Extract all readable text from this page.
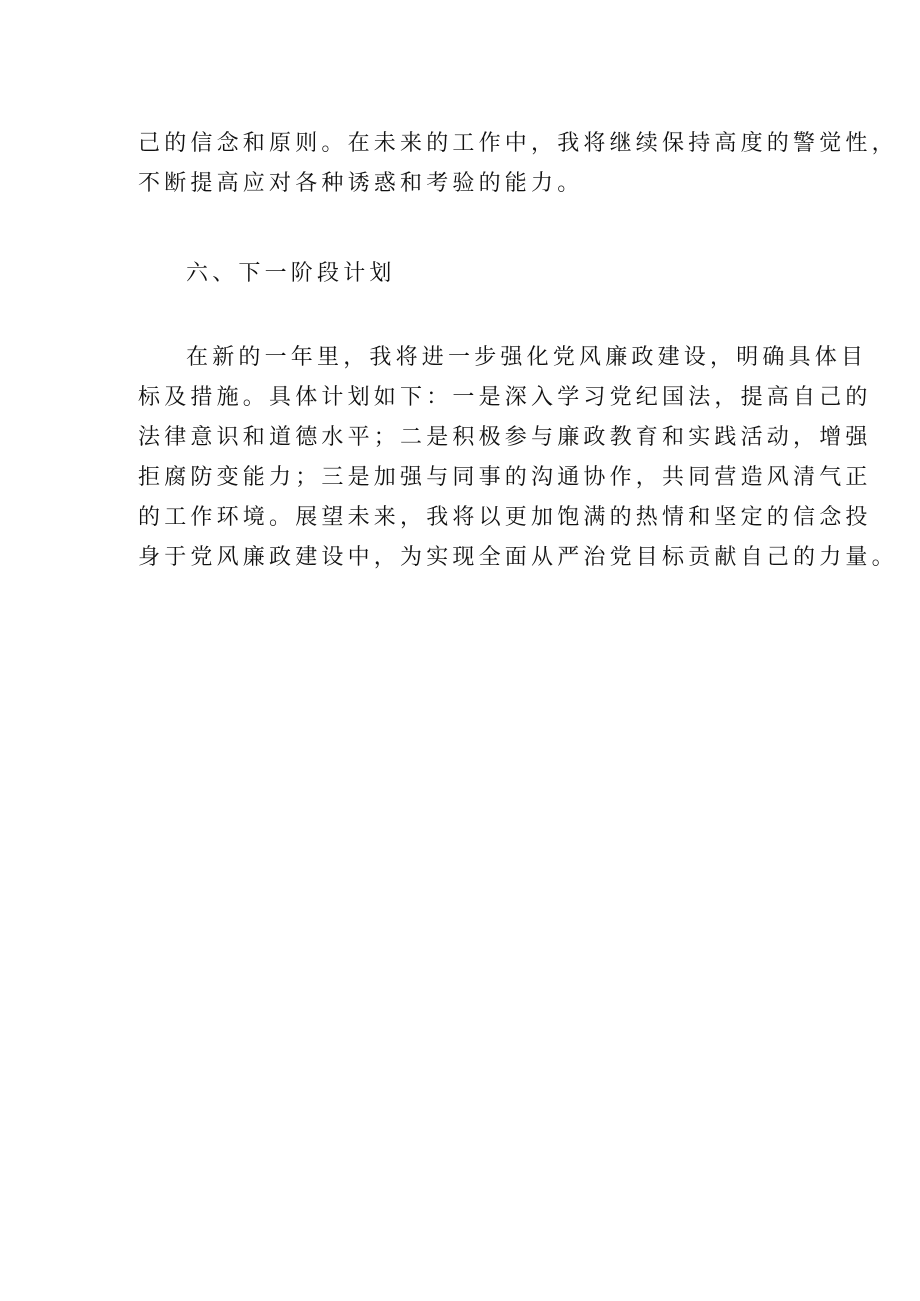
己的信念和原则。在未来的工作中，我将继续保持高度的警觉性，
不断提高应对各种诱惑和考验的能力。
六、下一阶段计划
在新的一年里，我将进一步强化党风廉政建设，明确具体目
标及措施。具体计划如下：一是深入学习党纪国法，提高自己的
法律意识和道德水平；二是积极参与廉政教育和实践活动，增强
拒腐防变能力；三是加强与同事的沟通协作，共同营造风清气正
的工作环境。展望未来，我将以更加饱满的热情和坚定的信念投
身于党风廉政建设中，为实现全面从严治党目标贡献自己的力量。
